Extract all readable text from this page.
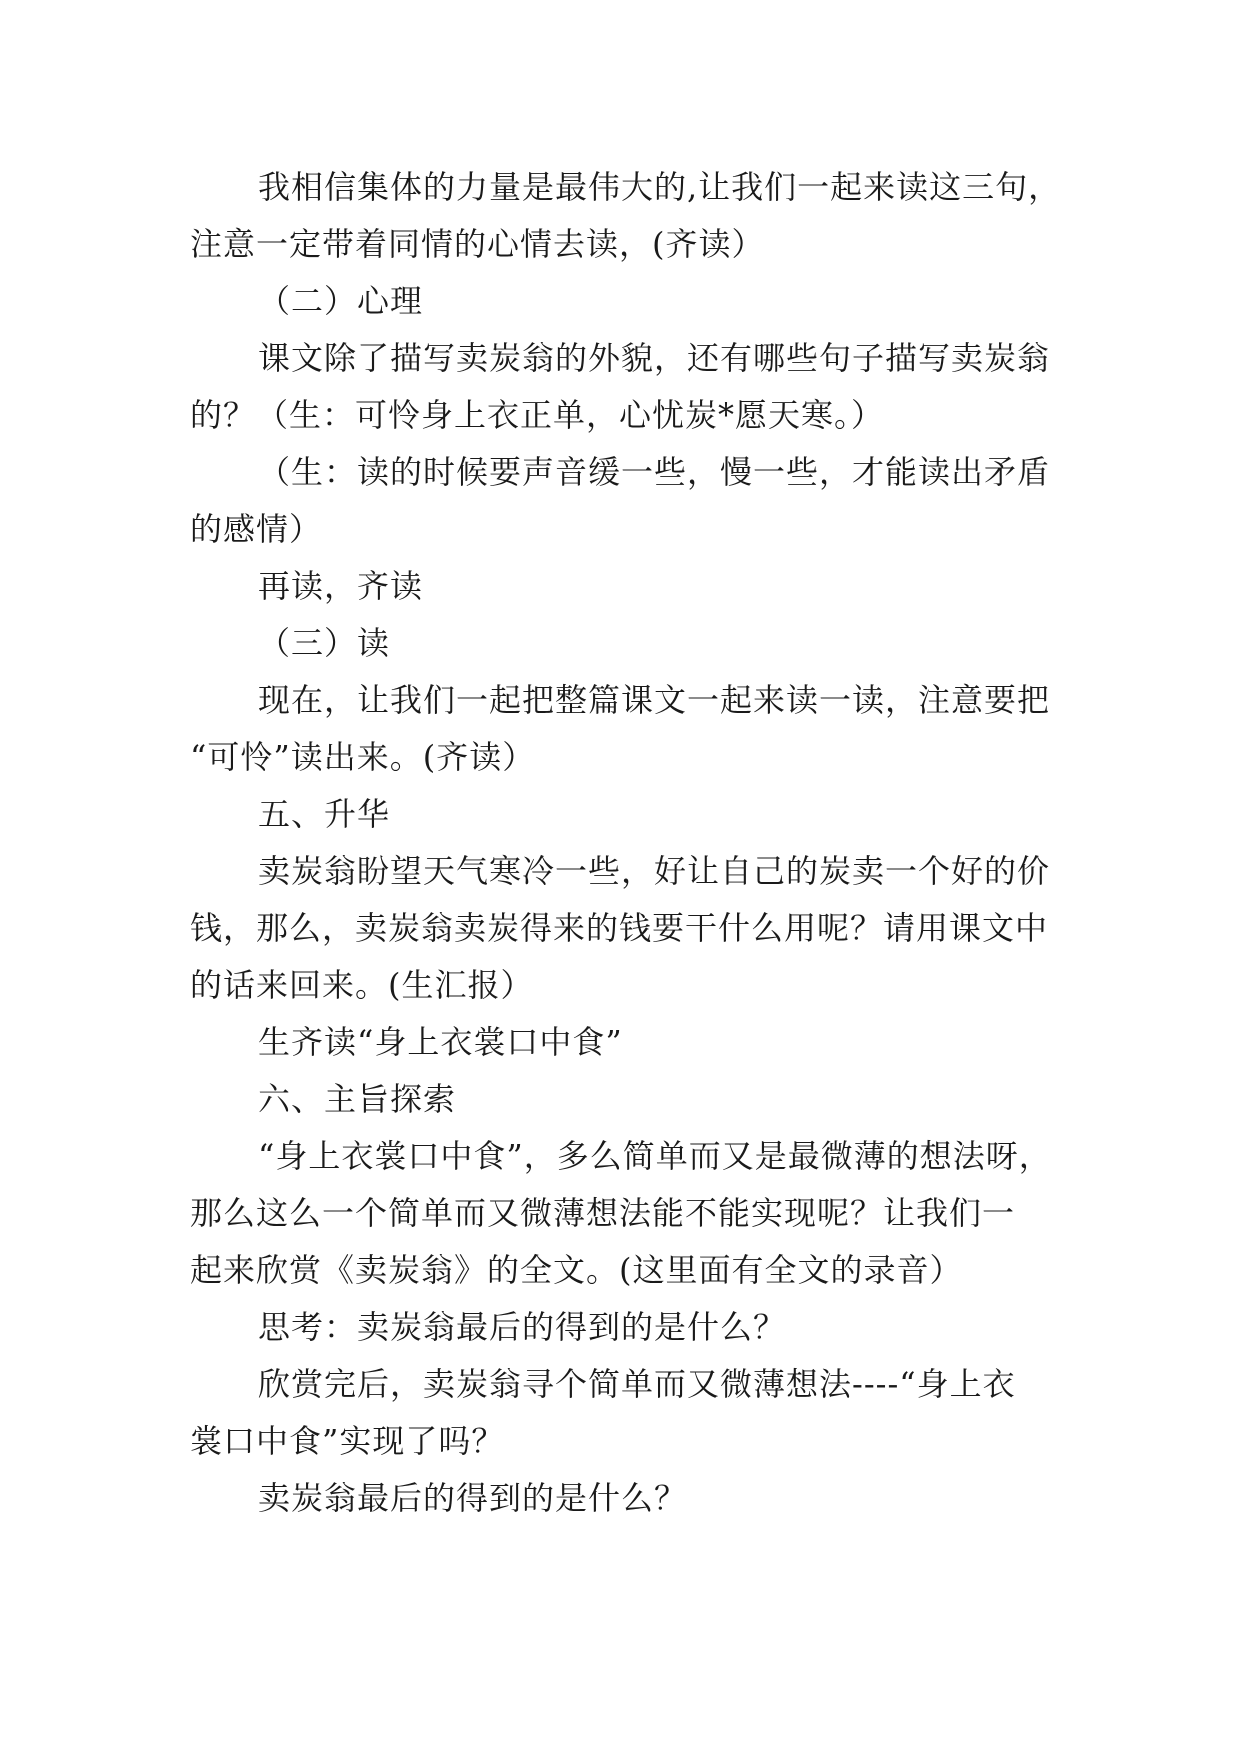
我相信集体的力量是最伟大的,让我们一起来读这三句，
注意一定带着同情的心情去读，(齐读）
（二）心理
课文除了描写卖炭翁的外貌，还有哪些句子描写卖炭翁
的？（生：可怜身上衣正单，心忧炭*愿天寒。）
（生：读的时候要声音缓一些，慢一些，才能读出矛盾
的感情）
再读，齐读
（三）读
现在，让我们一起把整篇课文一起来读一读，注意要把
“可怜”读出来。(齐读）
五、升华
卖炭翁盼望天气寒冷一些，好让自己的炭卖一个好的价
钱，那么，卖炭翁卖炭得来的钱要干什么用呢？请用课文中
的话来回来。(生汇报）
生齐读“身上衣裳口中食”
六、主旨探索
“身上衣裳口中食”，多么简单而又是最微薄的想法呀，
那么这么一个简单而又微薄想法能不能实现呢？让我们一
起来欣赏《卖炭翁》的全文。(这里面有全文的录音）
思考：卖炭翁最后的得到的是什么？
欣赏完后，卖炭翁寻个简单而又微薄想法----“身上衣
裳口中食”实现了吗？
卖炭翁最后的得到的是什么？
